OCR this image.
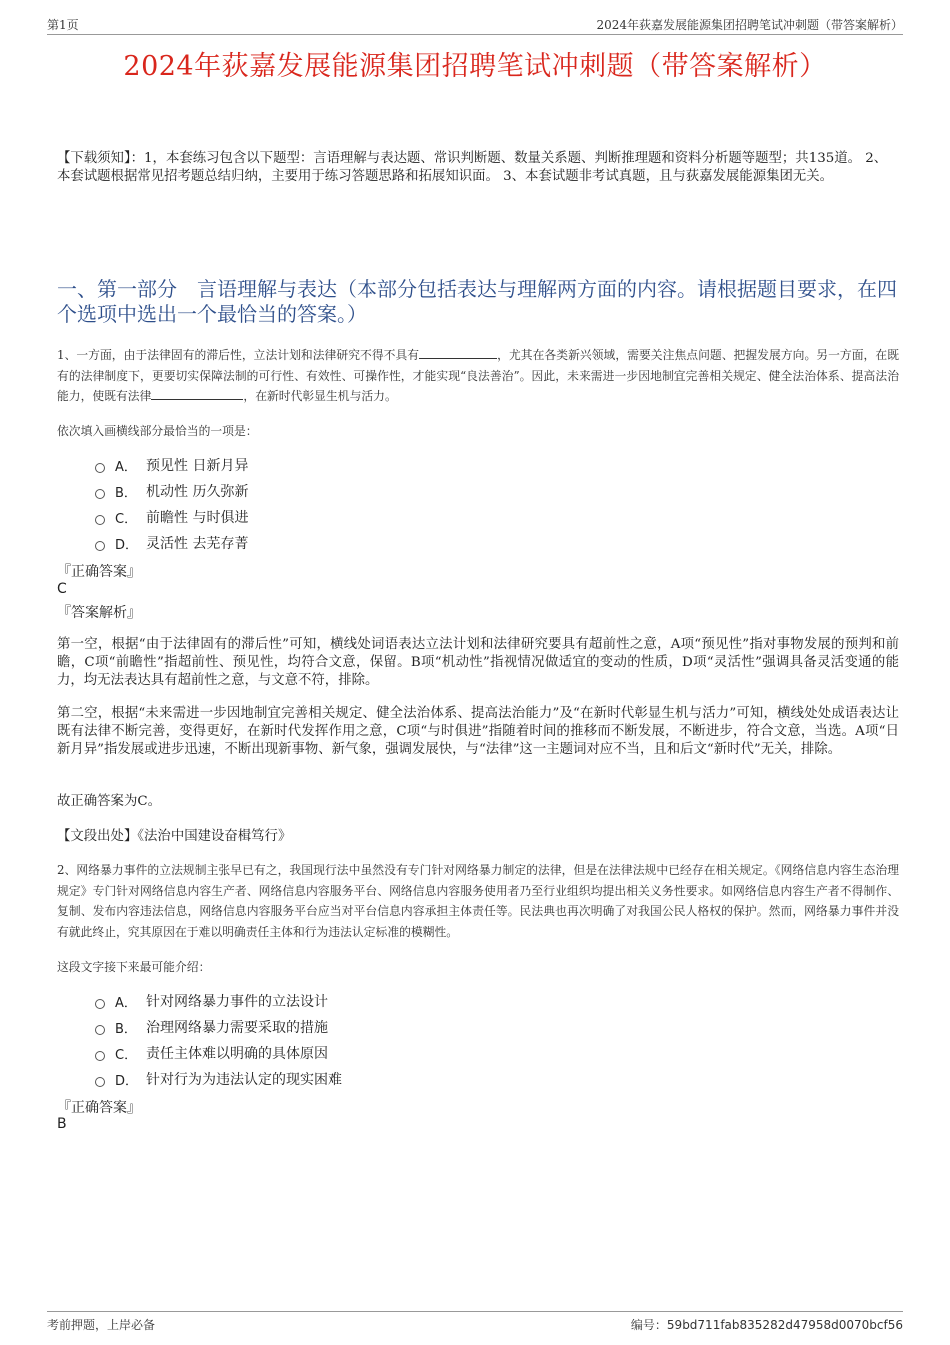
第1页	2024年荻嘉发展能源集团招聘笔试冲刺题（带答案解析）
2024年荻嘉发展能源集团招聘笔试冲刺题（带答案解析）
【下载须知】：1，本套练习包含以下题型：言语理解与表达题、常识判断题、数量关系题、判断推理题和资料分析题等题型；共135道。 2、本套试题根据常见招考题总结归纳，主要用于练习答题思路和拓展知识面。 3、本套试题非考试真题，且与荻嘉发展能源集团无关。
一、第一部分　言语理解与表达（本部分包括表达与理解两方面的内容。请根据题目要求，在四个选项中选出一个最恰当的答案。）
1、一方面，由于法律固有的滞后性，立法计划和法律研究不得不具有	，尤其在各类新兴领域，需要关注焦点问题、把握发展方向。另一方面，在既有的法律制度下，更要切实保障法制的可行性、有效性、可操作性，才能实现“良法善治”。因此，未来需进一步因地制宜完善相关规定、健全法治体系、提高法治能力，使既有法律	，在新时代彰显生机与活力。
依次填入画横线部分最恰当的一项是：
A． 预见性 日新月异
B． 机动性 历久弥新
C． 前瞻性 与时俱进
D． 灵活性 去芜存菁
『正确答案』
C
『答案解析』
第一空，根据“由于法律固有的滞后性”可知，横线处词语表达立法计划和法律研究要具有超前性之意，A项“预见性”指对事物发展的预判和前瞻，C项“前瞻性”指超前性、预见性，均符合文意，保留。B项“机动性”指视情况做适宜的变动的性质，D项“灵活性”强调具备灵活变通的能力，均无法表达具有超前性之意，与文意不符，排除。
第二空，根据“未来需进一步因地制宜完善相关规定、健全法治体系、提高法治能力”及“在新时代彰显生机与活力”可知，横线处处成语表达让既有法律不断完善，变得更好，在新时代发挥作用之意，C项“与时俱进”指随着时间的推移而不断发展，不断进步，符合文意，当选。A项“日新月异”指发展或进步迅速，不断出现新事物、新气象，强调发展快，与“法律”这一主题词对应不当，且和后文“新时代”无关，排除。
故正确答案为C。
【文段出处】《法治中国建设奋楫笃行》
2、网络暴力事件的立法规制主张早已有之，我国现行法中虽然没有专门针对网络暴力制定的法律，但是在法律法规中已经存在相关规定。《网络信息内容生态治理规定》专门针对网络信息内容生产者、网络信息内容服务平台、网络信息内容服务使用者乃至行业组织均提出相关义务性要求。如网络信息内容生产者不得制作、复制、发布内容违法信息，网络信息内容服务平台应当对平台信息内容承担主体责任等。民法典也再次明确了对我国公民人格权的保护。然而，网络暴力事件并没有就此终止，究其原因在于难以明确责任主体和行为违法认定标准的模糊性。
这段文字接下来最可能介绍：
A． 针对网络暴力事件的立法设计
B． 治理网络暴力需要采取的措施
C． 责任主体难以明确的具体原因
D． 针对行为为违法认定的现实困难
『正确答案』
B
考前押题，上岸必备	编号：59bd711fab835282d47958d0070bcf56
